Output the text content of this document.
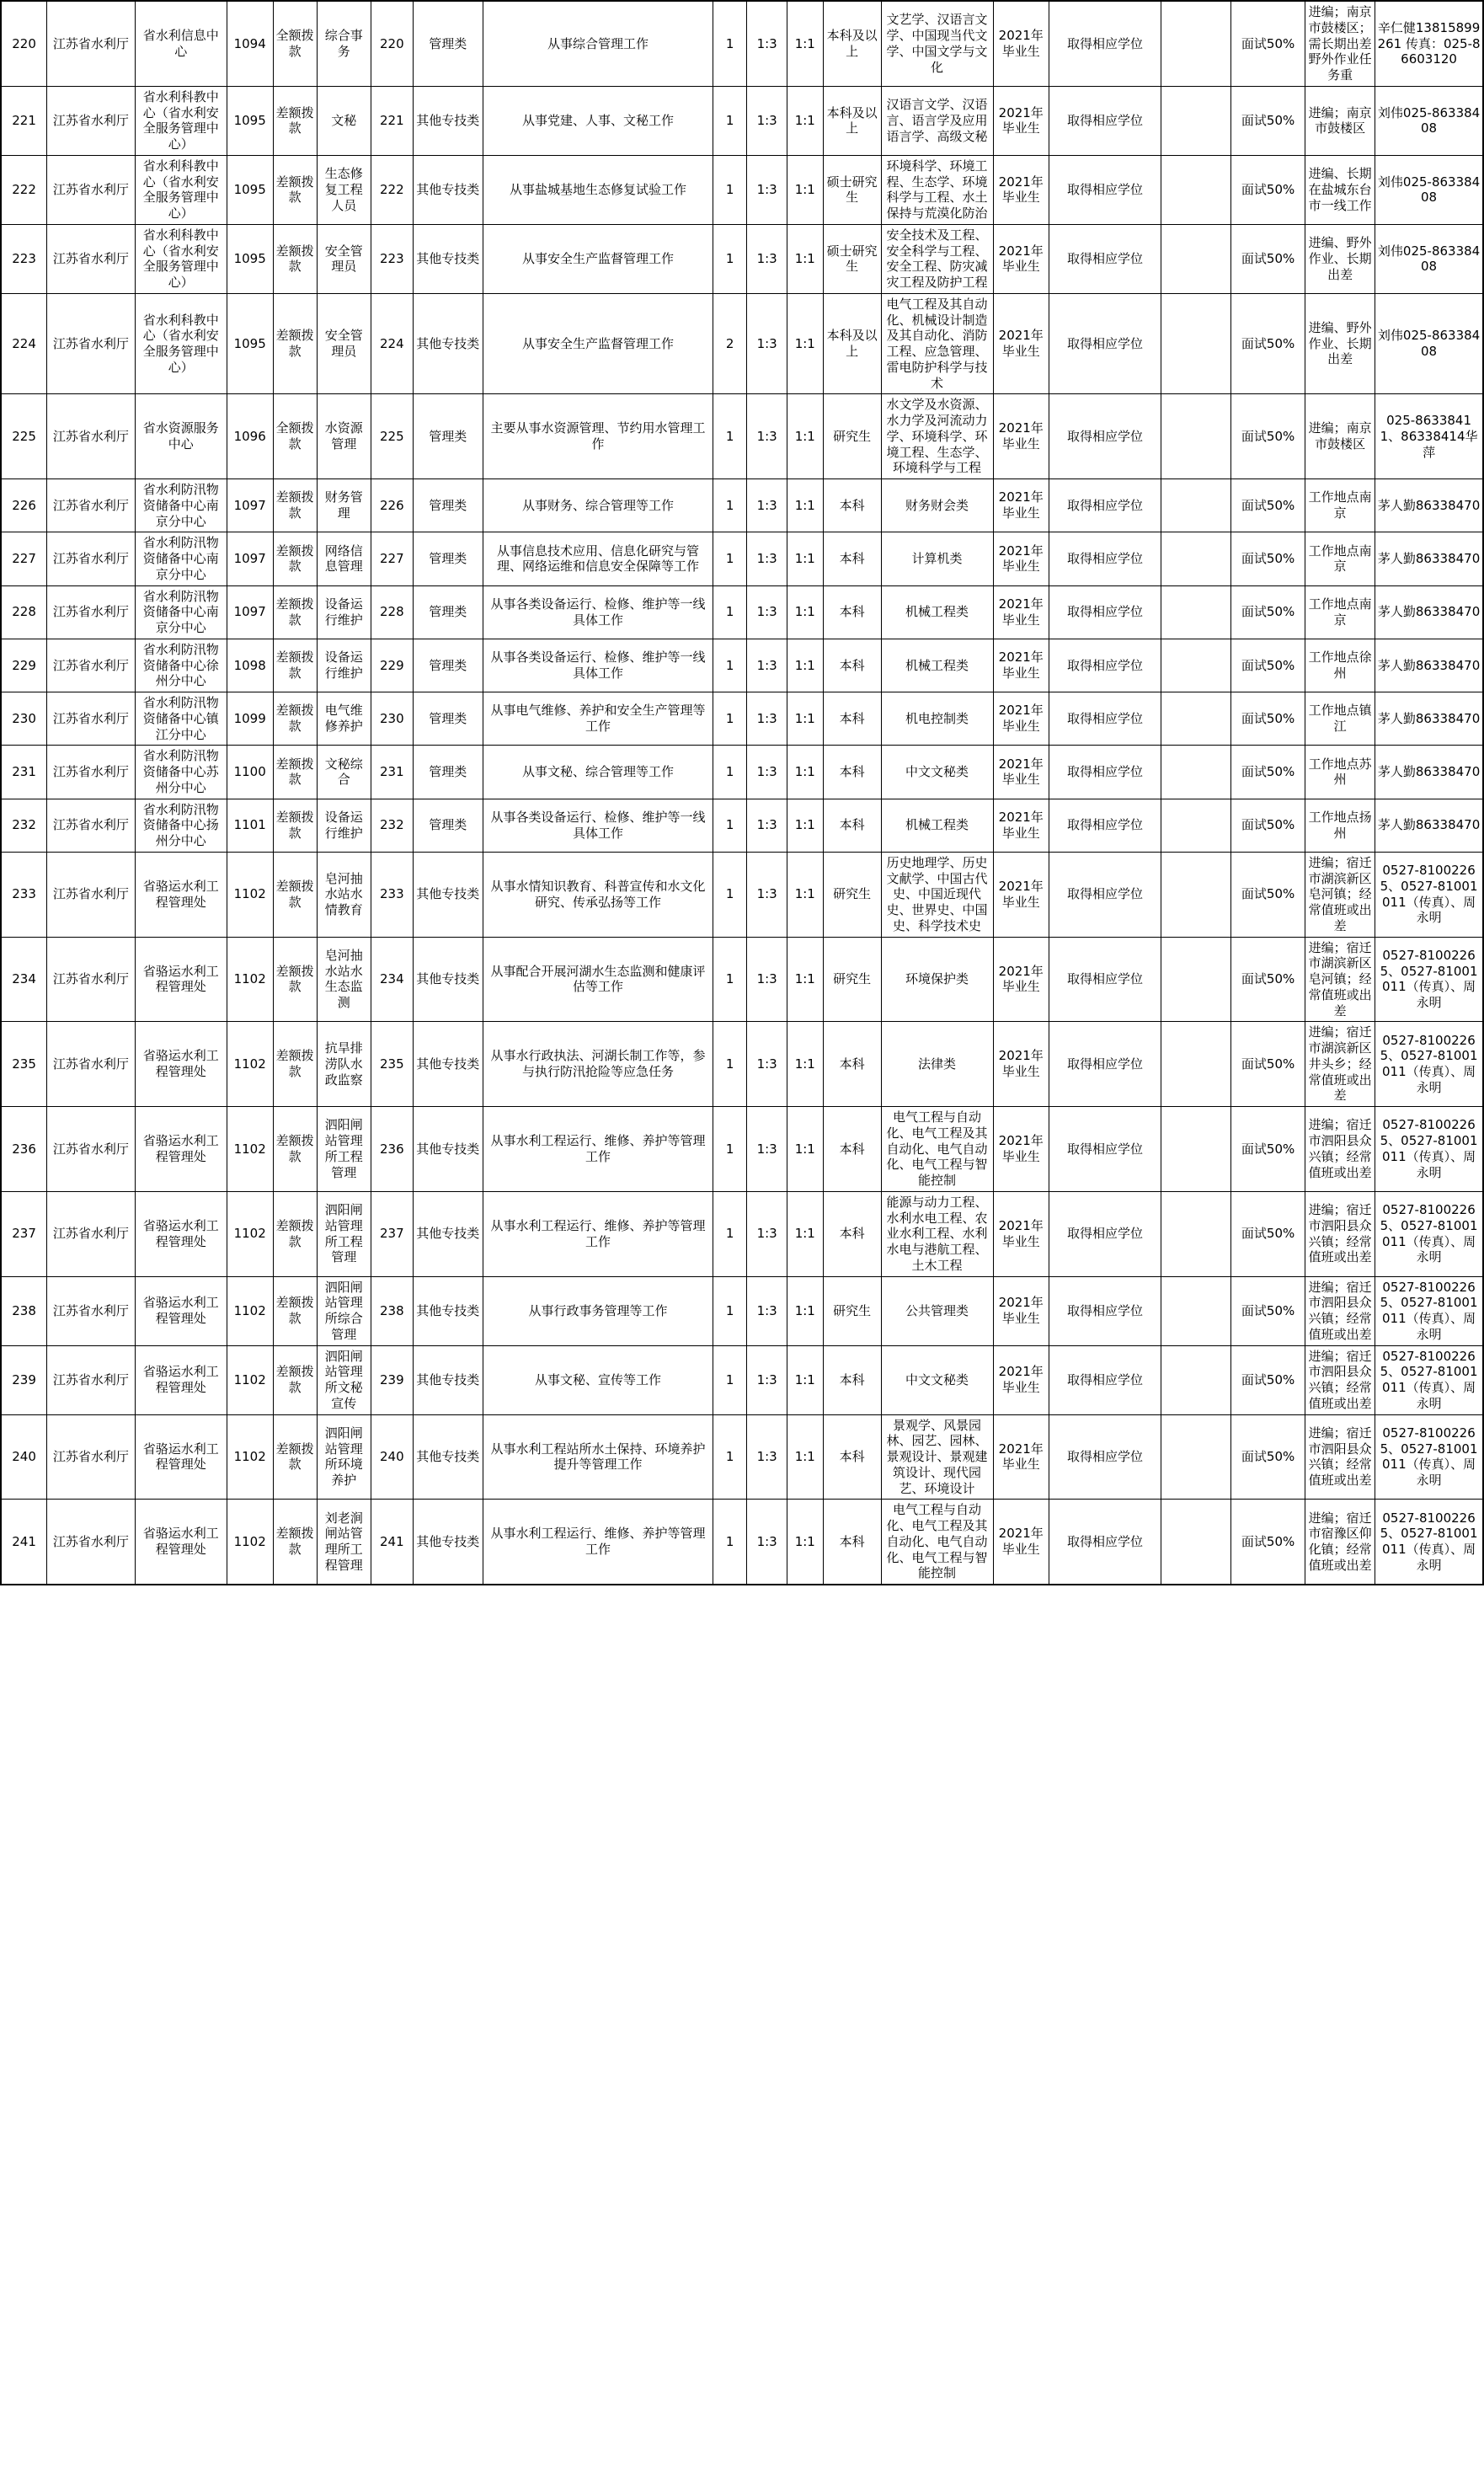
220	江苏省水利厅	省水利信息中心	1094	全额拨款	综合事务	220	管理类	从事综合管理工作	1	1:3	1:1	本科及以上	文艺学、汉语言文学、中国现当代文学、中国文学与文化	2021年毕业生	取得相应学位		面试50%	进编；南京市鼓楼区；需长期出差野外作业任务重	辛仁健13815899261 传真：025-86603120
221	江苏省水利厅	省水利科教中心（省水利安全服务管理中心）	1095	差额拨款	文秘	221	其他专技类	从事党建、人事、文秘工作	1	1:3	1:1	本科及以上	汉语言文学、汉语言、语言学及应用语言学、高级文秘	2021年毕业生	取得相应学位		面试50%	进编；南京市鼓楼区	刘伟025-86338408
222	江苏省水利厅	省水利科教中心（省水利安全服务管理中心）	1095	差额拨款	生态修复工程人员	222	其他专技类	从事盐城基地生态修复试验工作	1	1:3	1:1	硕士研究生	环境科学、环境工程、生态学、环境科学与工程、水土保持与荒漠化防治	2021年毕业生	取得相应学位		面试50%	进编、长期在盐城东台市一线工作	刘伟025-86338408
223	江苏省水利厅	省水利科教中心（省水利安全服务管理中心）	1095	差额拨款	安全管理员	223	其他专技类	从事安全生产监督管理工作	1	1:3	1:1	硕士研究生	安全技术及工程、安全科学与工程、安全工程、防灾减灾工程及防护工程	2021年毕业生	取得相应学位		面试50%	进编、野外作业、长期出差	刘伟025-86338408
224	江苏省水利厅	省水利科教中心（省水利安全服务管理中心）	1095	差额拨款	安全管理员	224	其他专技类	从事安全生产监督管理工作	2	1:3	1:1	本科及以上	电气工程及其自动化、机械设计制造及其自动化、消防工程、应急管理、雷电防护科学与技术	2021年毕业生	取得相应学位		面试50%	进编、野外作业、长期出差	刘伟025-86338408
225	江苏省水利厅	省水资源服务中心	1096	全额拨款	水资源管理	225	管理类	主要从事水资源管理、节约用水管理工作	1	1:3	1:1	研究生	水文学及水资源、水力学及河流动力学、环境科学、环境工程、生态学、环境科学与工程	2021年毕业生	取得相应学位		面试50%	进编；南京市鼓楼区	025-86338411、86338414华萍
226	江苏省水利厅	省水利防汛物资储备中心南京分中心	1097	差额拨款	财务管理	226	管理类	从事财务、综合管理等工作	1	1:3	1:1	本科	财务财会类	2021年毕业生	取得相应学位		面试50%	工作地点南京	茅人勤86338470
227	江苏省水利厅	省水利防汛物资储备中心南京分中心	1097	差额拨款	网络信息管理	227	管理类	从事信息技术应用、信息化研究与管理、网络运维和信息安全保障等工作	1	1:3	1:1	本科	计算机类	2021年毕业生	取得相应学位		面试50%	工作地点南京	茅人勤86338470
228	江苏省水利厅	省水利防汛物资储备中心南京分中心	1097	差额拨款	设备运行维护	228	管理类	从事各类设备运行、检修、维护等一线具体工作	1	1:3	1:1	本科	机械工程类	2021年毕业生	取得相应学位		面试50%	工作地点南京	茅人勤86338470
229	江苏省水利厅	省水利防汛物资储备中心徐州分中心	1098	差额拨款	设备运行维护	229	管理类	从事各类设备运行、检修、维护等一线具体工作	1	1:3	1:1	本科	机械工程类	2021年毕业生	取得相应学位		面试50%	工作地点徐州	茅人勤86338470
230	江苏省水利厅	省水利防汛物资储备中心镇江分中心	1099	差额拨款	电气维修养护	230	管理类	从事电气维修、养护和安全生产管理等工作	1	1:3	1:1	本科	机电控制类	2021年毕业生	取得相应学位		面试50%	工作地点镇江	茅人勤86338470
231	江苏省水利厅	省水利防汛物资储备中心苏州分中心	1100	差额拨款	文秘综合	231	管理类	从事文秘、综合管理等工作	1	1:3	1:1	本科	中文文秘类	2021年毕业生	取得相应学位		面试50%	工作地点苏州	茅人勤86338470
232	江苏省水利厅	省水利防汛物资储备中心扬州分中心	1101	差额拨款	设备运行维护	232	管理类	从事各类设备运行、检修、维护等一线具体工作	1	1:3	1:1	本科	机械工程类	2021年毕业生	取得相应学位		面试50%	工作地点扬州	茅人勤86338470
233	江苏省水利厅	省骆运水利工程管理处	1102	差额拨款	皂河抽水站水情教育	233	其他专技类	从事水情知识教育、科普宣传和水文化研究、传承弘扬等工作	1	1:3	1:1	研究生	历史地理学、历史文献学、中国古代史、中国近现代史、世界史、中国史、科学技术史	2021年毕业生	取得相应学位		面试50%	进编；宿迁市湖滨新区皂河镇；经常值班或出差	0527-81002265、0527-81001011（传真）、周永明
234	江苏省水利厅	省骆运水利工程管理处	1102	差额拨款	皂河抽水站水生态监测	234	其他专技类	从事配合开展河湖水生态监测和健康评估等工作	1	1:3	1:1	研究生	环境保护类	2021年毕业生	取得相应学位		面试50%	进编；宿迁市湖滨新区皂河镇；经常值班或出差	0527-81002265、0527-81001011（传真）、周永明
235	江苏省水利厅	省骆运水利工程管理处	1102	差额拨款	抗旱排涝队水政监察	235	其他专技类	从事水行政执法、河湖长制工作等，参与执行防汛抢险等应急任务	1	1:3	1:1	本科	法律类	2021年毕业生	取得相应学位		面试50%	进编；宿迁市湖滨新区井头乡；经常值班或出差	0527-81002265、0527-81001011（传真）、周永明
236	江苏省水利厅	省骆运水利工程管理处	1102	差额拨款	泗阳闸站管理所工程管理	236	其他专技类	从事水利工程运行、维修、养护等管理工作	1	1:3	1:1	本科	电气工程与自动化、电气工程及其自动化、电气自动化、电气工程与智能控制	2021年毕业生	取得相应学位		面试50%	进编；宿迁市泗阳县众兴镇；经常值班或出差	0527-81002265、0527-81001011（传真）、周永明
237	江苏省水利厅	省骆运水利工程管理处	1102	差额拨款	泗阳闸站管理所工程管理	237	其他专技类	从事水利工程运行、维修、养护等管理工作	1	1:3	1:1	本科	能源与动力工程、水利水电工程、农业水利工程、水利水电与港航工程、土木工程	2021年毕业生	取得相应学位		面试50%	进编；宿迁市泗阳县众兴镇；经常值班或出差	0527-81002265、0527-81001011（传真）、周永明
238	江苏省水利厅	省骆运水利工程管理处	1102	差额拨款	泗阳闸站管理所综合管理	238	其他专技类	从事行政事务管理等工作	1	1:3	1:1	研究生	公共管理类	2021年毕业生	取得相应学位		面试50%	进编；宿迁市泗阳县众兴镇；经常值班或出差	0527-81002265、0527-81001011（传真）、周永明
239	江苏省水利厅	省骆运水利工程管理处	1102	差额拨款	泗阳闸站管理所文秘宣传	239	其他专技类	从事文秘、宣传等工作	1	1:3	1:1	本科	中文文秘类	2021年毕业生	取得相应学位		面试50%	进编；宿迁市泗阳县众兴镇；经常值班或出差	0527-81002265、0527-81001011（传真）、周永明
240	江苏省水利厅	省骆运水利工程管理处	1102	差额拨款	泗阳闸站管理所环境养护	240	其他专技类	从事水利工程站所水土保持、环境养护提升等管理工作	1	1:3	1:1	本科	景观学、风景园林、园艺、园林、景观设计、景观建筑设计、现代园艺、环境设计	2021年毕业生	取得相应学位		面试50%	进编；宿迁市泗阳县众兴镇；经常值班或出差	0527-81002265、0527-81001011（传真）、周永明
241	江苏省水利厅	省骆运水利工程管理处	1102	差额拨款	刘老涧闸站管理所工程管理	241	其他专技类	从事水利工程运行、维修、养护等管理工作	1	1:3	1:1	本科	电气工程与自动化、电气工程及其自动化、电气自动化、电气工程与智能控制	2021年毕业生	取得相应学位		面试50%	进编；宿迁市宿豫区仰化镇；经常值班或出差	0527-81002265、0527-81001011（传真）、周永明
